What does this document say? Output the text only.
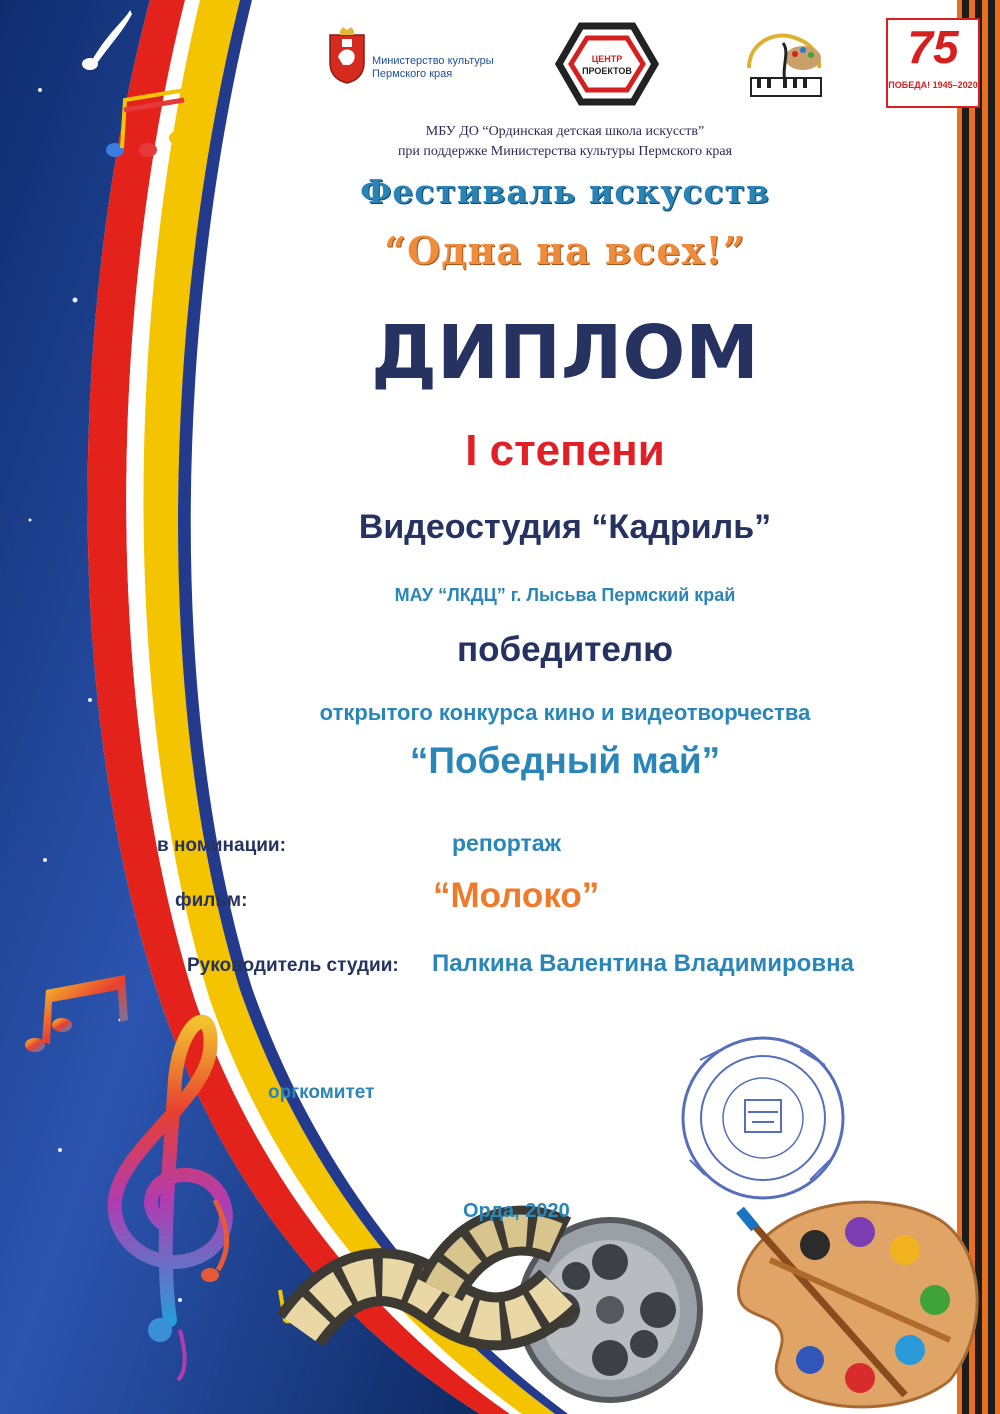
Министерство культуры
Пермского края
ЦЕНТР
ПРОЕКТОВ	75
ПОБЕДА! 1945–2020
МБУ ДО “Ординская детская школа искусств”
при поддержке Министерства культуры Пермского края
Фестиваль искусств
“Одна на всех!”
ДИПЛОМ
I степени
Видеостудия “Кадриль”
МАУ “ЛКДЦ” г. Лысьва Пермский край
победителю
открытого конкурса кино и видеотворчества
“Победный май”
в номинации:	репортаж
фильм:	“Молоко”
Руководитель студии: Палкина Валентина Владимировна
оргкомитет
Орда, 2020
